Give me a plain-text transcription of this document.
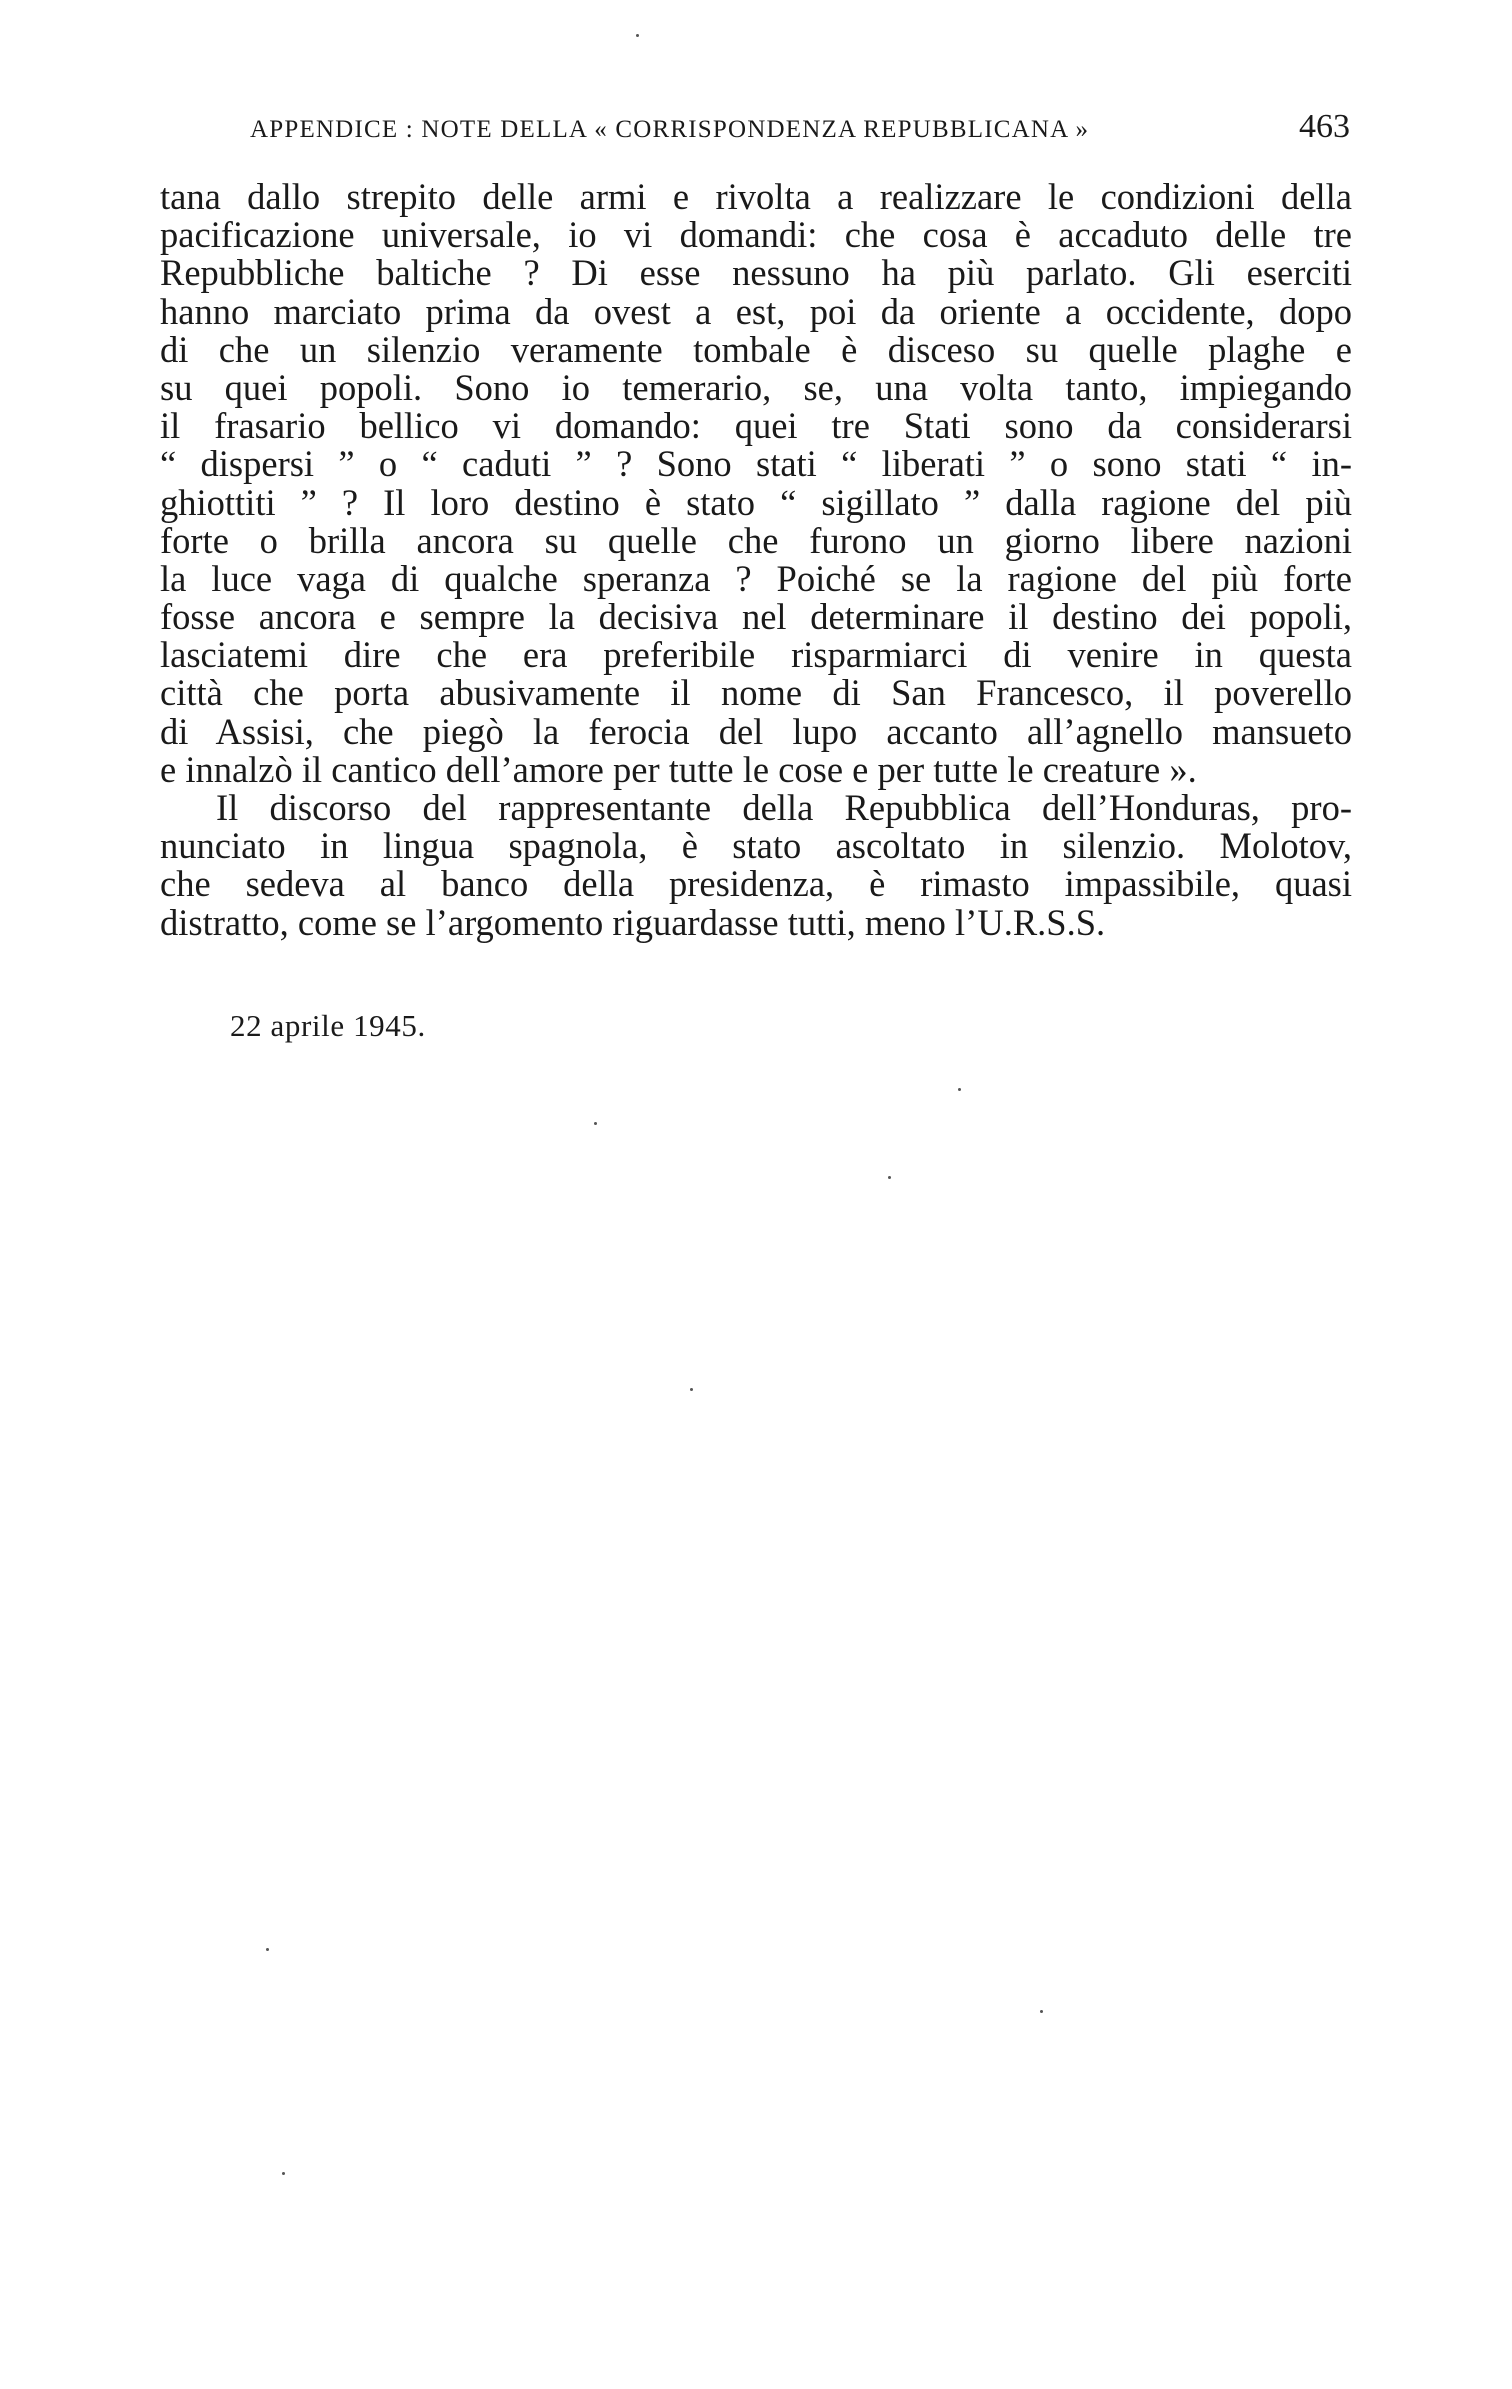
APPENDICE : NOTE DELLA « CORRISPONDENZA REPUBBLICANA »	463
tana dallo strepito delle armi e rivolta a realizzare le condizioni della
pacificazione universale, io vi domandi: che cosa è accaduto delle tre
Repubbliche baltiche ? Di esse nessuno ha più parlato. Gli eserciti
hanno marciato prima da ovest a est, poi da oriente a occidente, dopo
di che un silenzio veramente tombale è disceso su quelle plaghe e
su quei popoli. Sono io temerario, se, una volta tanto, impiegando
il frasario bellico vi domando: quei tre Stati sono da considerarsi
“ dispersi ” o “ caduti ” ? Sono stati “ liberati ” o sono stati “ in-
ghiottiti ” ? Il loro destino è stato “ sigillato ” dalla ragione del più
forte o brilla ancora su quelle che furono un giorno libere nazioni
la luce vaga di qualche speranza ? Poiché se la ragione del più forte
fosse ancora e sempre la decisiva nel determinare il destino dei popoli,
lasciatemi dire che era preferibile risparmiarci di venire in questa
città che porta abusivamente il nome di San Francesco, il poverello
di Assisi, che piegò la ferocia del lupo accanto all’agnello mansueto
e innalzò il cantico dell’amore per tutte le cose e per tutte le creature ».
Il discorso del rappresentante della Repubblica dell’Honduras, pro-
nunciato in lingua spagnola, è stato ascoltato in silenzio. Molotov,
che sedeva al banco della presidenza, è rimasto impassibile, quasi
distratto, come se l’argomento riguardasse tutti, meno l’U.R.S.S.
22 aprile 1945.
